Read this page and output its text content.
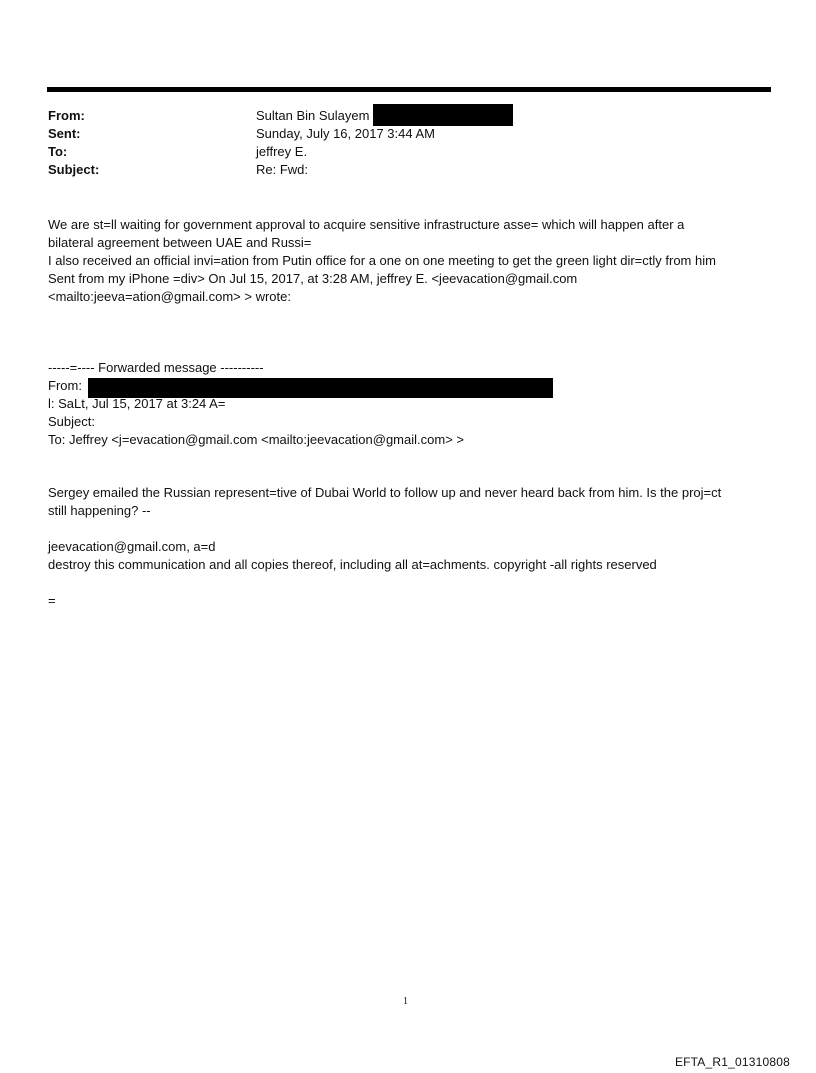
From:	Sultan Bin Sulayem
Sent:	Sunday, July 16, 2017 3:44 AM
To:	jeffrey E.
Subject:	Re: Fwd:
We are st=ll waiting for government approval to acquire sensitive infrastructure asse= which will happen after a
bilateral agreement between UAE and Russi=
I also received an official invi=ation from Putin office for a one on one meeting to get the green light dir=ctly from him
Sent from my iPhone =div> On Jul 15, 2017, at 3:28 AM, jeffrey E. <jeevacation@gmail.com
<mailto:jeeva=ation@gmail.com> > wrote:
-----=---- Forwarded message ----------
From:
l: SaLt, Jul 15, 2017 at 3:24 A=
Subject:
To: Jeffrey <j=evacation@gmail.com <mailto:jeevacation@gmail.com> >
Sergey emailed the Russian represent=tive of Dubai World to follow up and never heard back from him. Is the proj=ct
still happening? --
jeevacation@gmail.com, a=d
destroy this communication and all copies thereof, including all at=achments. copyright -all rights reserved
=
1
EFTA_R1_01310808
